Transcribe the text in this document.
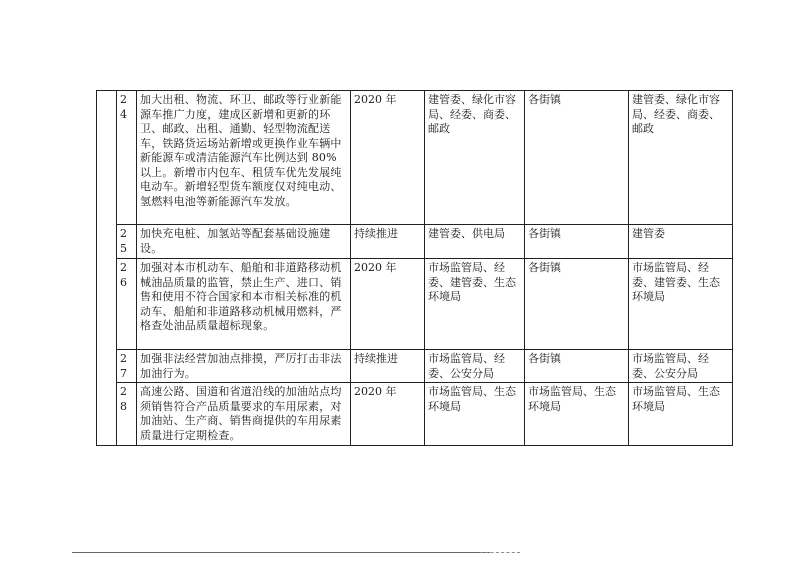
	24	加大出租、物流、环卫、邮政等行业新能源车推广力度，建成区新增和更新的环卫、邮政、出租、通勤、轻型物流配送车，铁路货运场站新增或更换作业车辆中新能源车或清洁能源汽车比例达到 80%以上。新增市内包车、租赁车优先发展纯电动车。新增轻型货车额度仅对纯电动、氢燃料电池等新能源汽车发放。	2020 年	建管委、绿化市容局、经委、商委、邮政	各街镇	建管委、绿化市容局、经委、商委、邮政
	25	加快充电桩、加氢站等配套基础设施建设。	持续推进	建管委、供电局	各街镇	建管委
	26	加强对本市机动车、船舶和非道路移动机械油品质量的监管，禁止生产、进口、销售和使用不符合国家和本市相关标准的机动车、船舶和非道路移动机械用燃料，严格查处油品质量超标现象。	2020 年	市场监管局、经委、建管委、生态环境局	各街镇	市场监管局、经委、建管委、生态环境局
	27	加强非法经营加油点排摸，严厉打击非法加油行为。	持续推进	市场监管局、经委、公安分局	各街镇	市场监管局、经委、公安分局
	28	高速公路、国道和省道沿线的加油站点均须销售符合产品质量要求的车用尿素，对加油站、生产商、销售商提供的车用尿素质量进行定期检查。	2020 年	市场监管局、生态环境局	市场监管局、生态环境局	市场监管局、生态环境局
